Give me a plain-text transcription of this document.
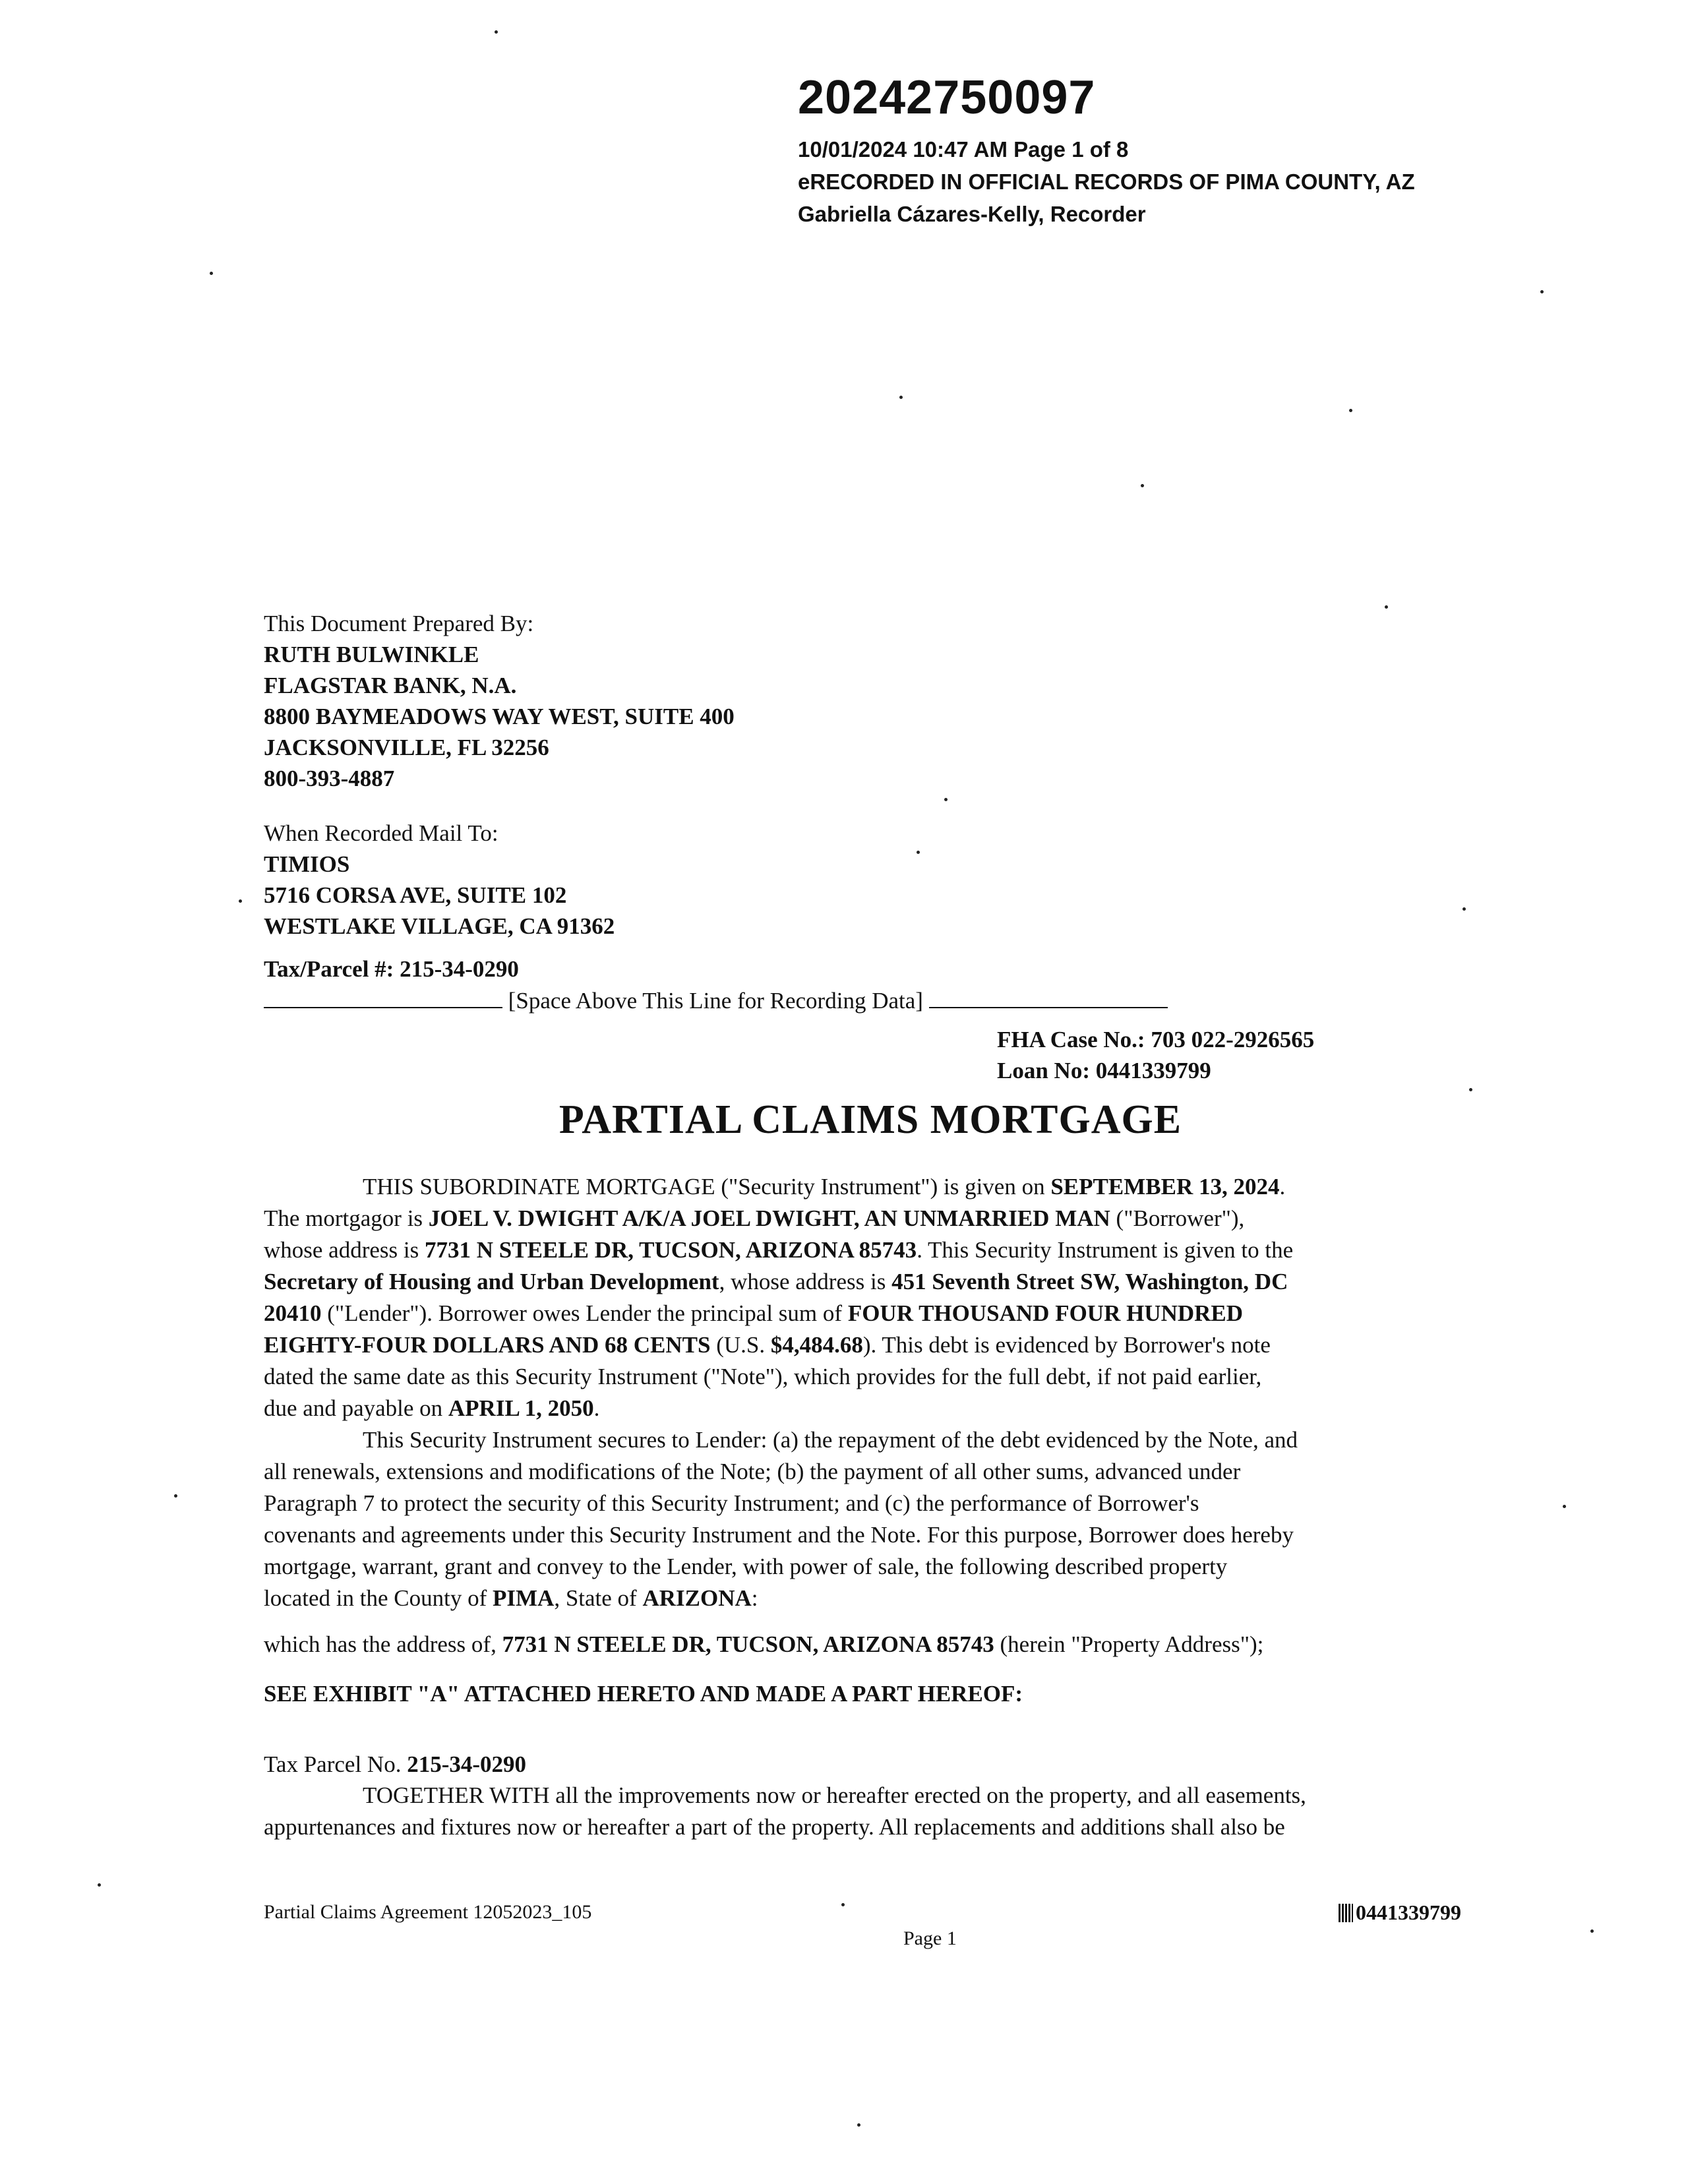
20242750097
10/01/2024 10:47 AM Page 1 of 8
eRECORDED IN OFFICIAL RECORDS OF PIMA COUNTY, AZ
Gabriella Cázares-Kelly, Recorder
This Document Prepared By:
RUTH BULWINKLE
FLAGSTAR BANK, N.A.
8800 BAYMEADOWS WAY WEST, SUITE 400
JACKSONVILLE, FL 32256
800-393-4887
When Recorded Mail To:
TIMIOS
5716 CORSA AVE, SUITE 102
WESTLAKE VILLAGE, CA 91362
Tax/Parcel #: 215-34-0290
[Space Above This Line for Recording Data]
FHA Case No.: 703 022-2926565
Loan No: 0441339799
PARTIAL CLAIMS MORTGAGE
THIS SUBORDINATE MORTGAGE ("Security Instrument") is given on SEPTEMBER 13, 2024.
The mortgagor is JOEL V. DWIGHT A/K/A JOEL DWIGHT, AN UNMARRIED MAN ("Borrower"),
whose address is 7731 N STEELE DR, TUCSON, ARIZONA 85743. This Security Instrument is given to the
Secretary of Housing and Urban Development, whose address is 451 Seventh Street SW, Washington, DC
20410 ("Lender"). Borrower owes Lender the principal sum of FOUR THOUSAND FOUR HUNDRED
EIGHTY-FOUR DOLLARS AND 68 CENTS (U.S. $4,484.68). This debt is evidenced by Borrower's note
dated the same date as this Security Instrument ("Note"), which provides for the full debt, if not paid earlier,
due and payable on APRIL 1, 2050.
This Security Instrument secures to Lender: (a) the repayment of the debt evidenced by the Note, and
all renewals, extensions and modifications of the Note; (b) the payment of all other sums, advanced under
Paragraph 7 to protect the security of this Security Instrument; and (c) the performance of Borrower's
covenants and agreements under this Security Instrument and the Note. For this purpose, Borrower does hereby
mortgage, warrant, grant and convey to the Lender, with power of sale, the following described property
located in the County of PIMA, State of ARIZONA:
which has the address of, 7731 N STEELE DR, TUCSON, ARIZONA 85743 (herein "Property Address");
SEE EXHIBIT "A" ATTACHED HERETO AND MADE A PART HEREOF:
Tax Parcel No. 215-34-0290
TOGETHER WITH all the improvements now or hereafter erected on the property, and all easements,
appurtenances and fixtures now or hereafter a part of the property. All replacements and additions shall also be
Partial Claims Agreement 12052023_105
Page 1
0441339799
